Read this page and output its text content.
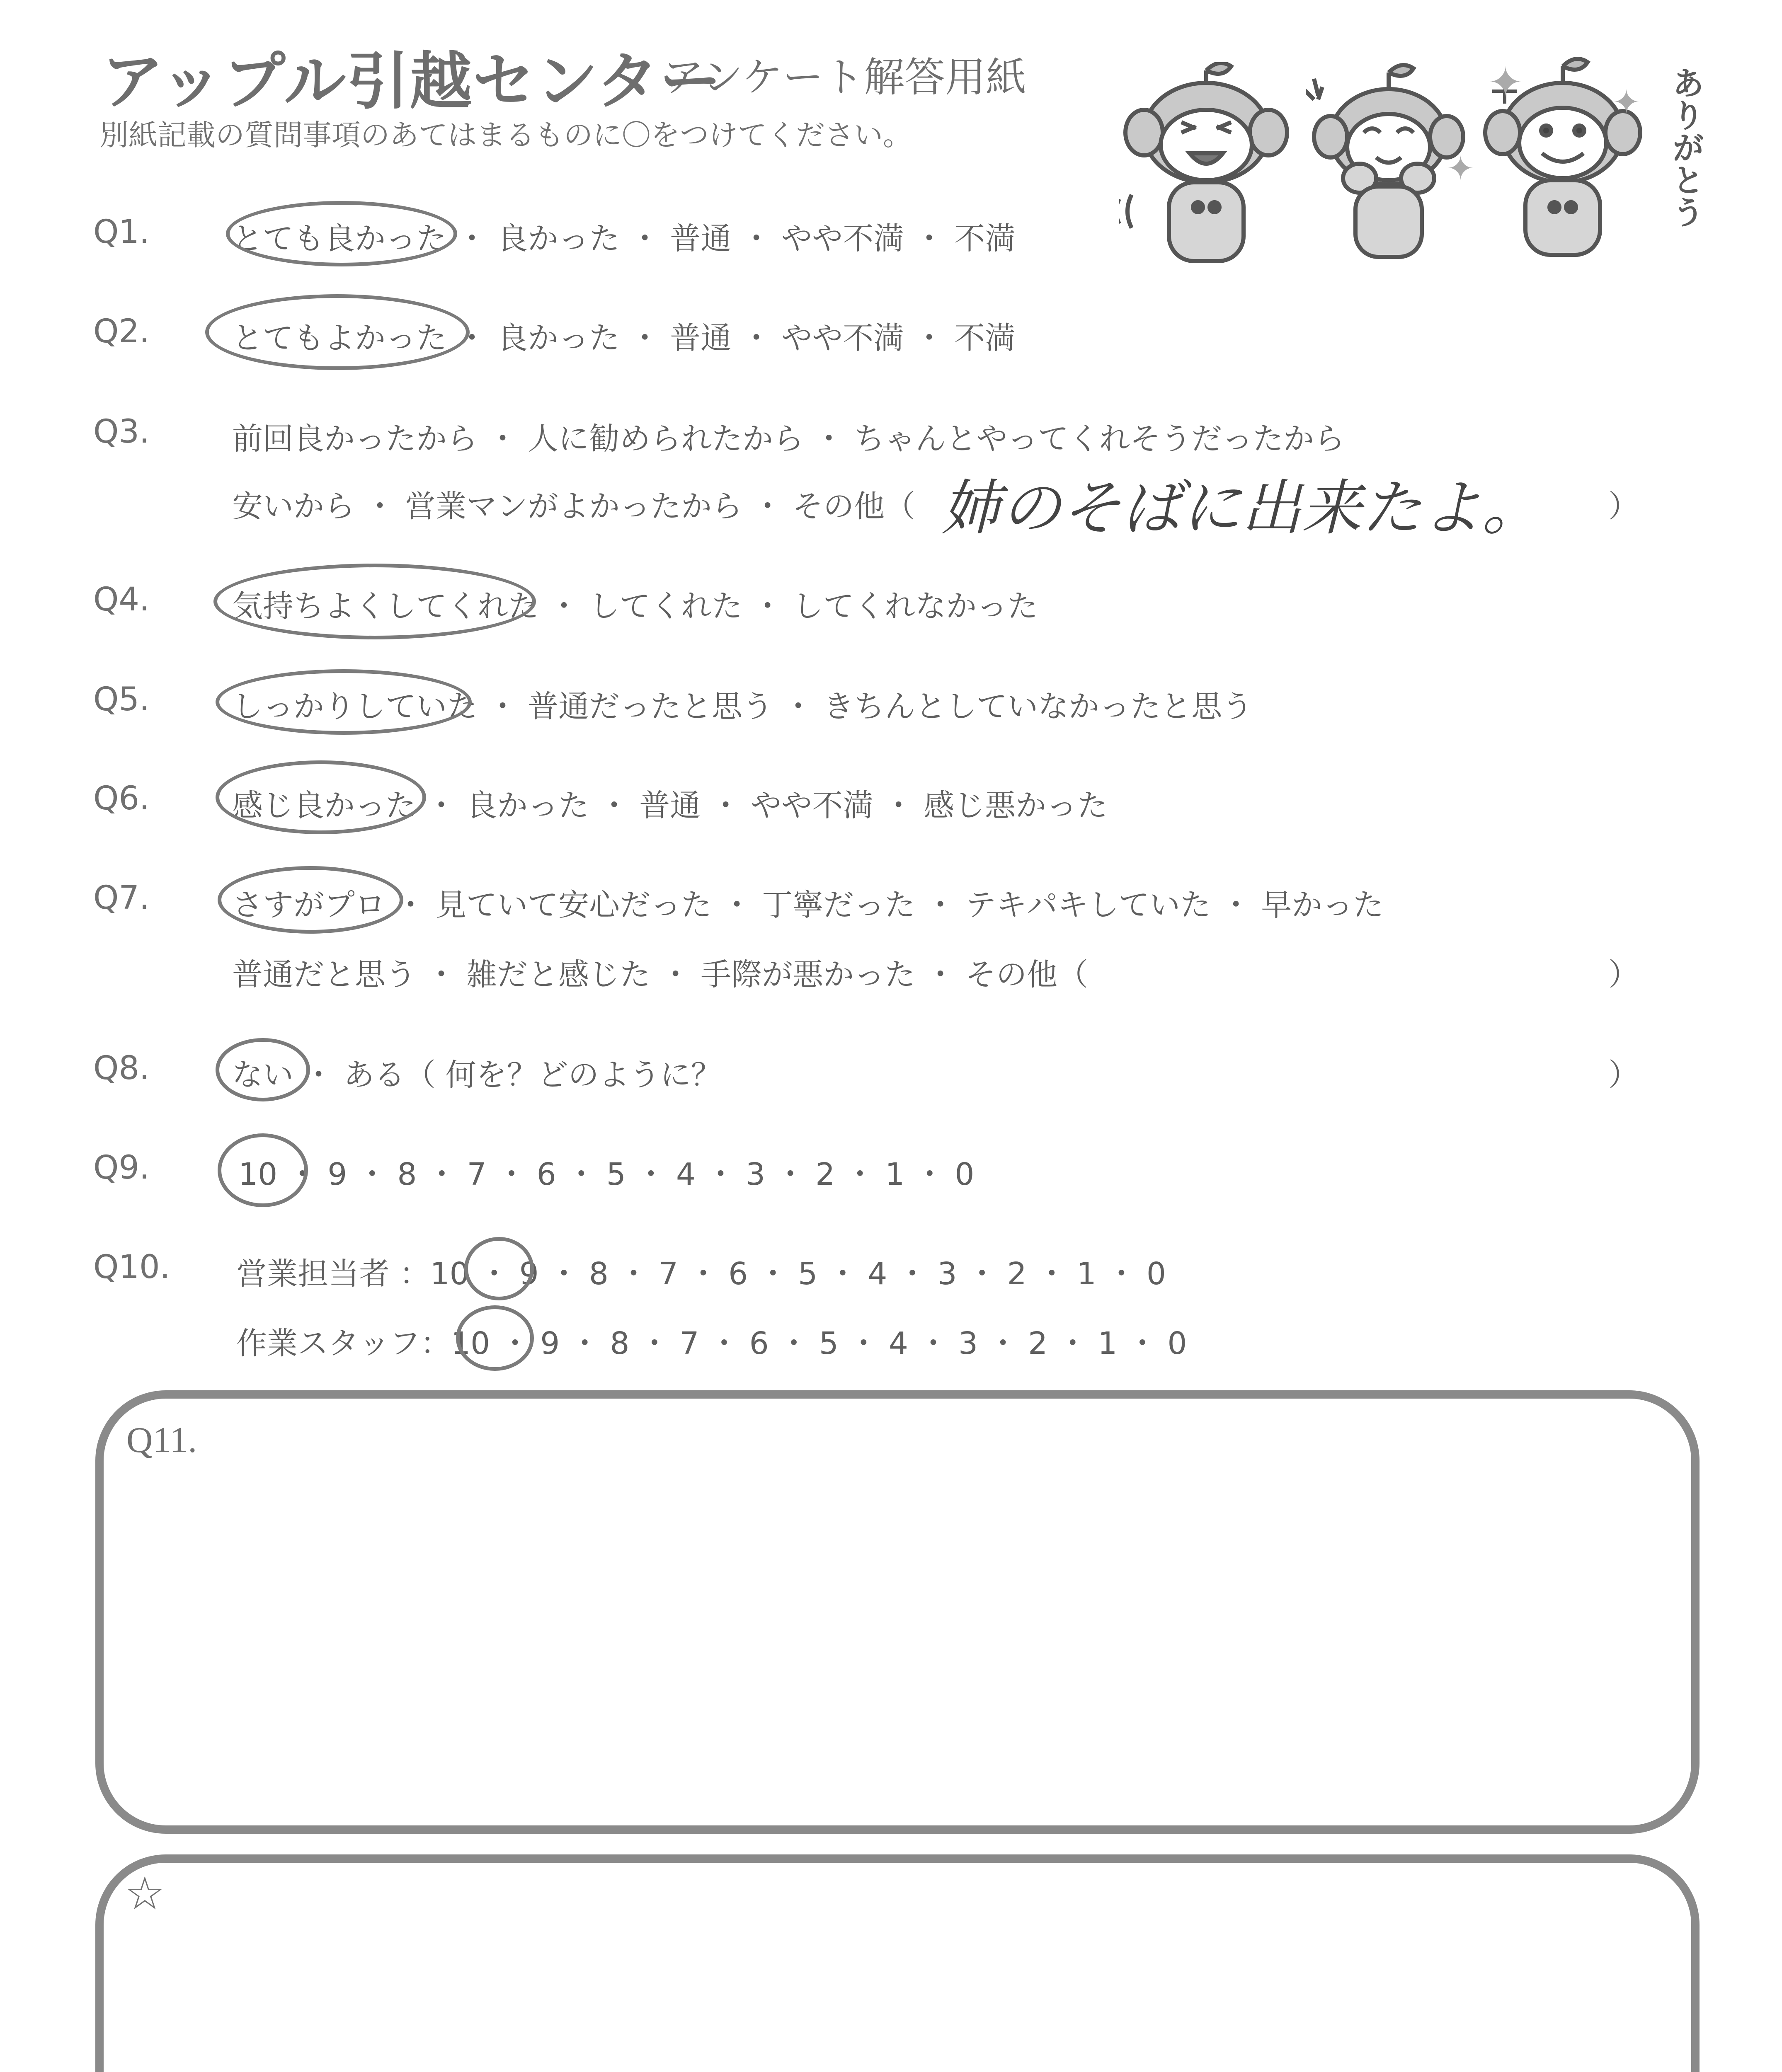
アップル引越センター
アンケート解答用紙
別紙記載の質問事項のあてはまるものに〇をつけてください。	ありがとう
✦	✦
✦
Q1.	とても良かった ・ 良かった ・ 普通 ・ やや不満 ・ 不満
Q2.	とてもよかった ・ 良かった ・ 普通 ・ やや不満 ・ 不満
Q3.	前回良かったから ・ 人に勧められたから ・ ちゃんとやってくれそうだったから
安いから ・ 営業マンがよかったから ・ その他（ 姉のそばに出来たよ。 ）
Q4.	気持ちよくしてくれた ・ してくれた ・ してくれなかった
Q5.	しっかりしていた ・ 普通だったと思う ・ きちんとしていなかったと思う
Q6.	感じ良かった ・ 良かった ・ 普通 ・ やや不満 ・ 感じ悪かった
Q7.	さすがプロ ・ 見ていて安心だった ・ 丁寧だった ・ テキパキしていた ・ 早かった
普通だと思う ・ 雑だと感じた ・ 手際が悪かった ・ その他（	）
Q8.	ない ・ ある（ 何を？どのように？	）
Q9.	10 ・ 9 ・ 8 ・ 7 ・ 6 ・ 5 ・ 4 ・ 3 ・ 2 ・ 1 ・ 0
Q10. 営業担当者 ：10 ・ 9 ・ 8 ・ 7 ・ 6 ・ 5 ・ 4 ・ 3 ・ 2 ・ 1 ・ 0
作業スタッフ：10 ・ 9 ・ 8 ・ 7 ・ 6 ・ 5 ・ 4 ・ 3 ・ 2 ・ 1 ・ 0
Q11.
☆
